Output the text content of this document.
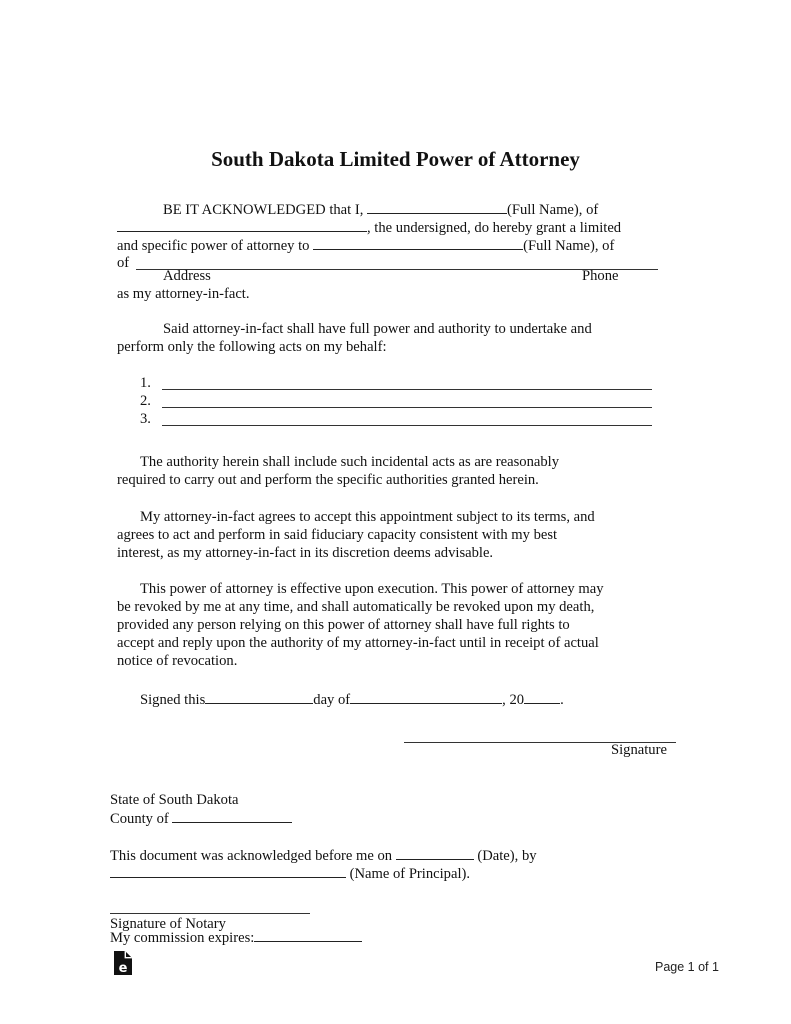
South Dakota Limited Power of Attorney
BE IT ACKNOWLEDGED that I,	(Full Name), of
, the undersigned, do hereby grant a limited
and specific power of attorney to	(Full Name), of
of
Address	Phone
as my attorney-in-fact.
Said attorney-in-fact shall have full power and authority to undertake and
perform only the following acts on my behalf:
1.
2.
3.
The authority herein shall include such incidental acts as are reasonably
required to carry out and perform the specific authorities granted herein.
My attorney-in-fact agrees to accept this appointment subject to its terms, and
agrees to act and perform in said fiduciary capacity consistent with my best
interest, as my attorney-in-fact in its discretion deems advisable.
This power of attorney is effective upon execution. This power of attorney may
be revoked by me at any time, and shall automatically be revoked upon my death,
provided any person relying on this power of attorney shall have full rights to
accept and reply upon the authority of my attorney-in-fact until in receipt of actual
notice of revocation.
Signed this	day of	, 20 .
Signature
State of South Dakota
County of
This document was acknowledged before me on	(Date), by
(Name of Principal).
Signature of Notary
My commission expires:
e	Page 1 of 1
